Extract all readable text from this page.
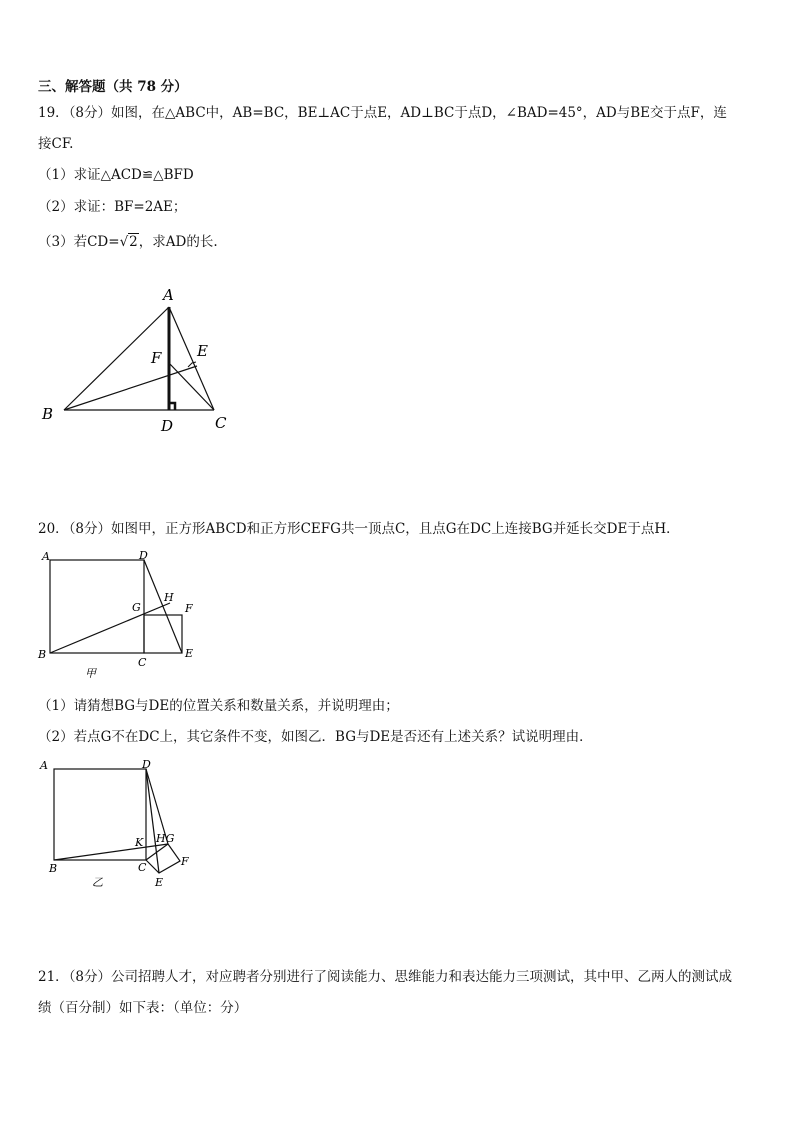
三、解答题（共 78 分）
19．（8分）如图，在△ABC中，AB=BC，BE⊥AC于点E，AD⊥BC于点D，∠BAD=45°，AD与BE交于点F，连
接CF.
（1）求证△ACD≌△BFD
（2）求证：BF=2AE；
（3）若CD=√2，求AD的长.
A
B	C
D
E
F
20．（8分）如图甲，正方形ABCD和正方形CEFG共一顶点C，且点G在DC上连接BG并延长交DE于点H．
A	D
B
C
E
F
G
H
甲
（1）请猜想BG与DE的位置关系和数量关系，并说明理由；
（2）若点G不在DC上，其它条件不变，如图乙．BG与DE是否还有上述关系？试说明理由．
A	D
B	C
E
F
HG
K
乙
21．（8分）公司招聘人才，对应聘者分别进行了阅读能力、思维能力和表达能力三项测试，其中甲、乙两人的测试成
绩（百分制）如下表：（单位：分）
